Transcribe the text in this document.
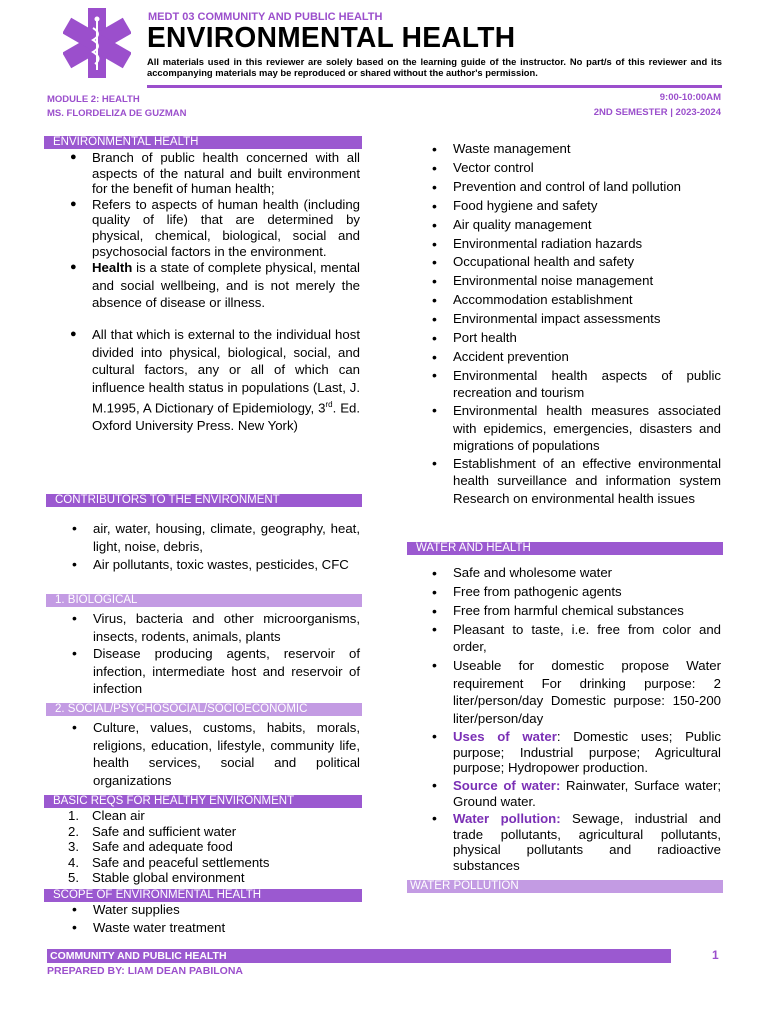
MEDT 03 COMMUNITY AND PUBLIC HEALTH
ENVIRONMENTAL HEALTH
All materials used in this reviewer are solely based on the learning guide of the instructor. No part/s of this reviewer and its accompanying materials may be reproduced or shared without the author's permission.
MODULE 2: HEALTH
MS. FLORDELIZA DE GUZMAN
9:00-10:00AM
2ND SEMESTER | 2023-2024
ENVIRONMENTAL HEALTH
● Branch of public health concerned with all aspects of the natural and built environment for the benefit of human health;
● Refers to aspects of human health (including quality of life) that are determined by physical, chemical, biological, social and psychosocial factors in the environment.
● Health is a state of complete physical, mental and social wellbeing, and is not merely the absence of disease or illness.
● All that which is external to the individual host divided into physical, biological, social, and cultural factors, any or all of which can influence health status in populations (Last, J. M.1995, A Dictionary of Epidemiology, 3rd. Ed. Oxford University Press. New York)
CONTRIBUTORS TO THE ENVIRONMENT
• air, water, housing, climate, geography, heat, light, noise, debris,
• Air pollutants, toxic wastes, pesticides, CFC
1. BIOLOGICAL
• Virus, bacteria and other microorganisms, insects, rodents, animals, plants
• Disease producing agents, reservoir of infection, intermediate host and reservoir of infection
2. SOCIAL/PSYCHOSOCIAL/SOCIOECONOMIC
• Culture, values, customs, habits, morals, religions, education, lifestyle, community life, health services, social and political organizations
BASIC REQS FOR HEALTHY ENVIRONMENT
1. Clean air
2. Safe and sufficient water
3. Safe and adequate food
4. Safe and peaceful settlements
5. Stable global environment
SCOPE OF ENVIRONMENTAL HEALTH
• Water supplies
• Waste water treatment
• Waste management
• Vector control
• Prevention and control of land pollution
• Food hygiene and safety
• Air quality management
• Environmental radiation hazards
• Occupational health and safety
• Environmental noise management
• Accommodation establishment
• Environmental impact assessments
• Port health
• Accident prevention
• Environmental health aspects of public recreation and tourism
• Environmental health measures associated with epidemics, emergencies, disasters and migrations of populations
• Establishment of an effective environmental health surveillance and information system Research on environmental health issues
WATER AND HEALTH
• Safe and wholesome water
• Free from pathogenic agents
• Free from harmful chemical substances
• Pleasant to taste, i.e. free from color and order,
• Useable for domestic propose Water requirement For drinking purpose: 2 liter/person/day Domestic purpose: 150-200 liter/person/day
• Uses of water: Domestic uses; Public purpose; Industrial purpose; Agricultural purpose; Hydropower production.
• Source of water: Rainwater, Surface water; Ground water.
• Water pollution: Sewage, industrial and trade pollutants, agricultural pollutants, physical pollutants and radioactive substances
WATER POLLUTION
COMMUNITY AND PUBLIC HEALTH	1
PREPARED BY: LIAM DEAN PABILONA
